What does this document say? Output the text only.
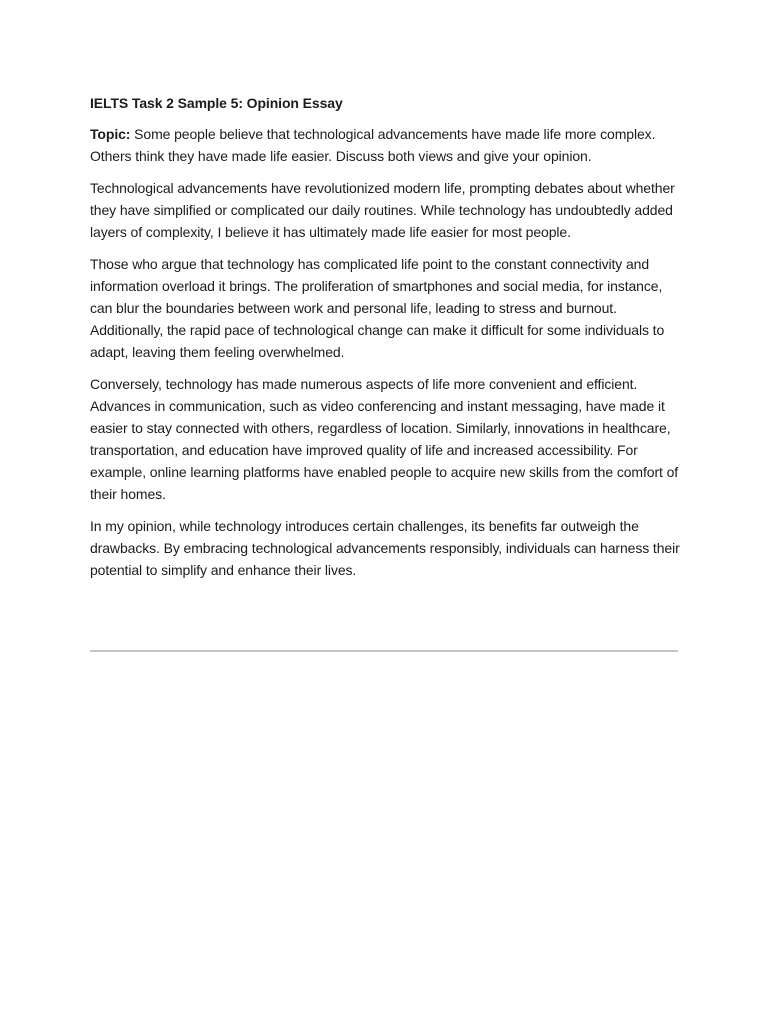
IELTS Task 2 Sample 5: Opinion Essay

Topic: Some people believe that technological advancements have made life more complex. Others think they have made life easier. Discuss both views and give your opinion.

Technological advancements have revolutionized modern life, prompting debates about whether they have simplified or complicated our daily routines. While technology has undoubtedly added layers of complexity, I believe it has ultimately made life easier for most people.

Those who argue that technology has complicated life point to the constant connectivity and information overload it brings. The proliferation of smartphones and social media, for instance, can blur the boundaries between work and personal life, leading to stress and burnout. Additionally, the rapid pace of technological change can make it difficult for some individuals to adapt, leaving them feeling overwhelmed.

Conversely, technology has made numerous aspects of life more convenient and efficient. Advances in communication, such as video conferencing and instant messaging, have made it easier to stay connected with others, regardless of location. Similarly, innovations in healthcare, transportation, and education have improved quality of life and increased accessibility. For example, online learning platforms have enabled people to acquire new skills from the comfort of their homes.

In my opinion, while technology introduces certain challenges, its benefits far outweigh the drawbacks. By embracing technological advancements responsibly, individuals can harness their potential to simplify and enhance their lives.
